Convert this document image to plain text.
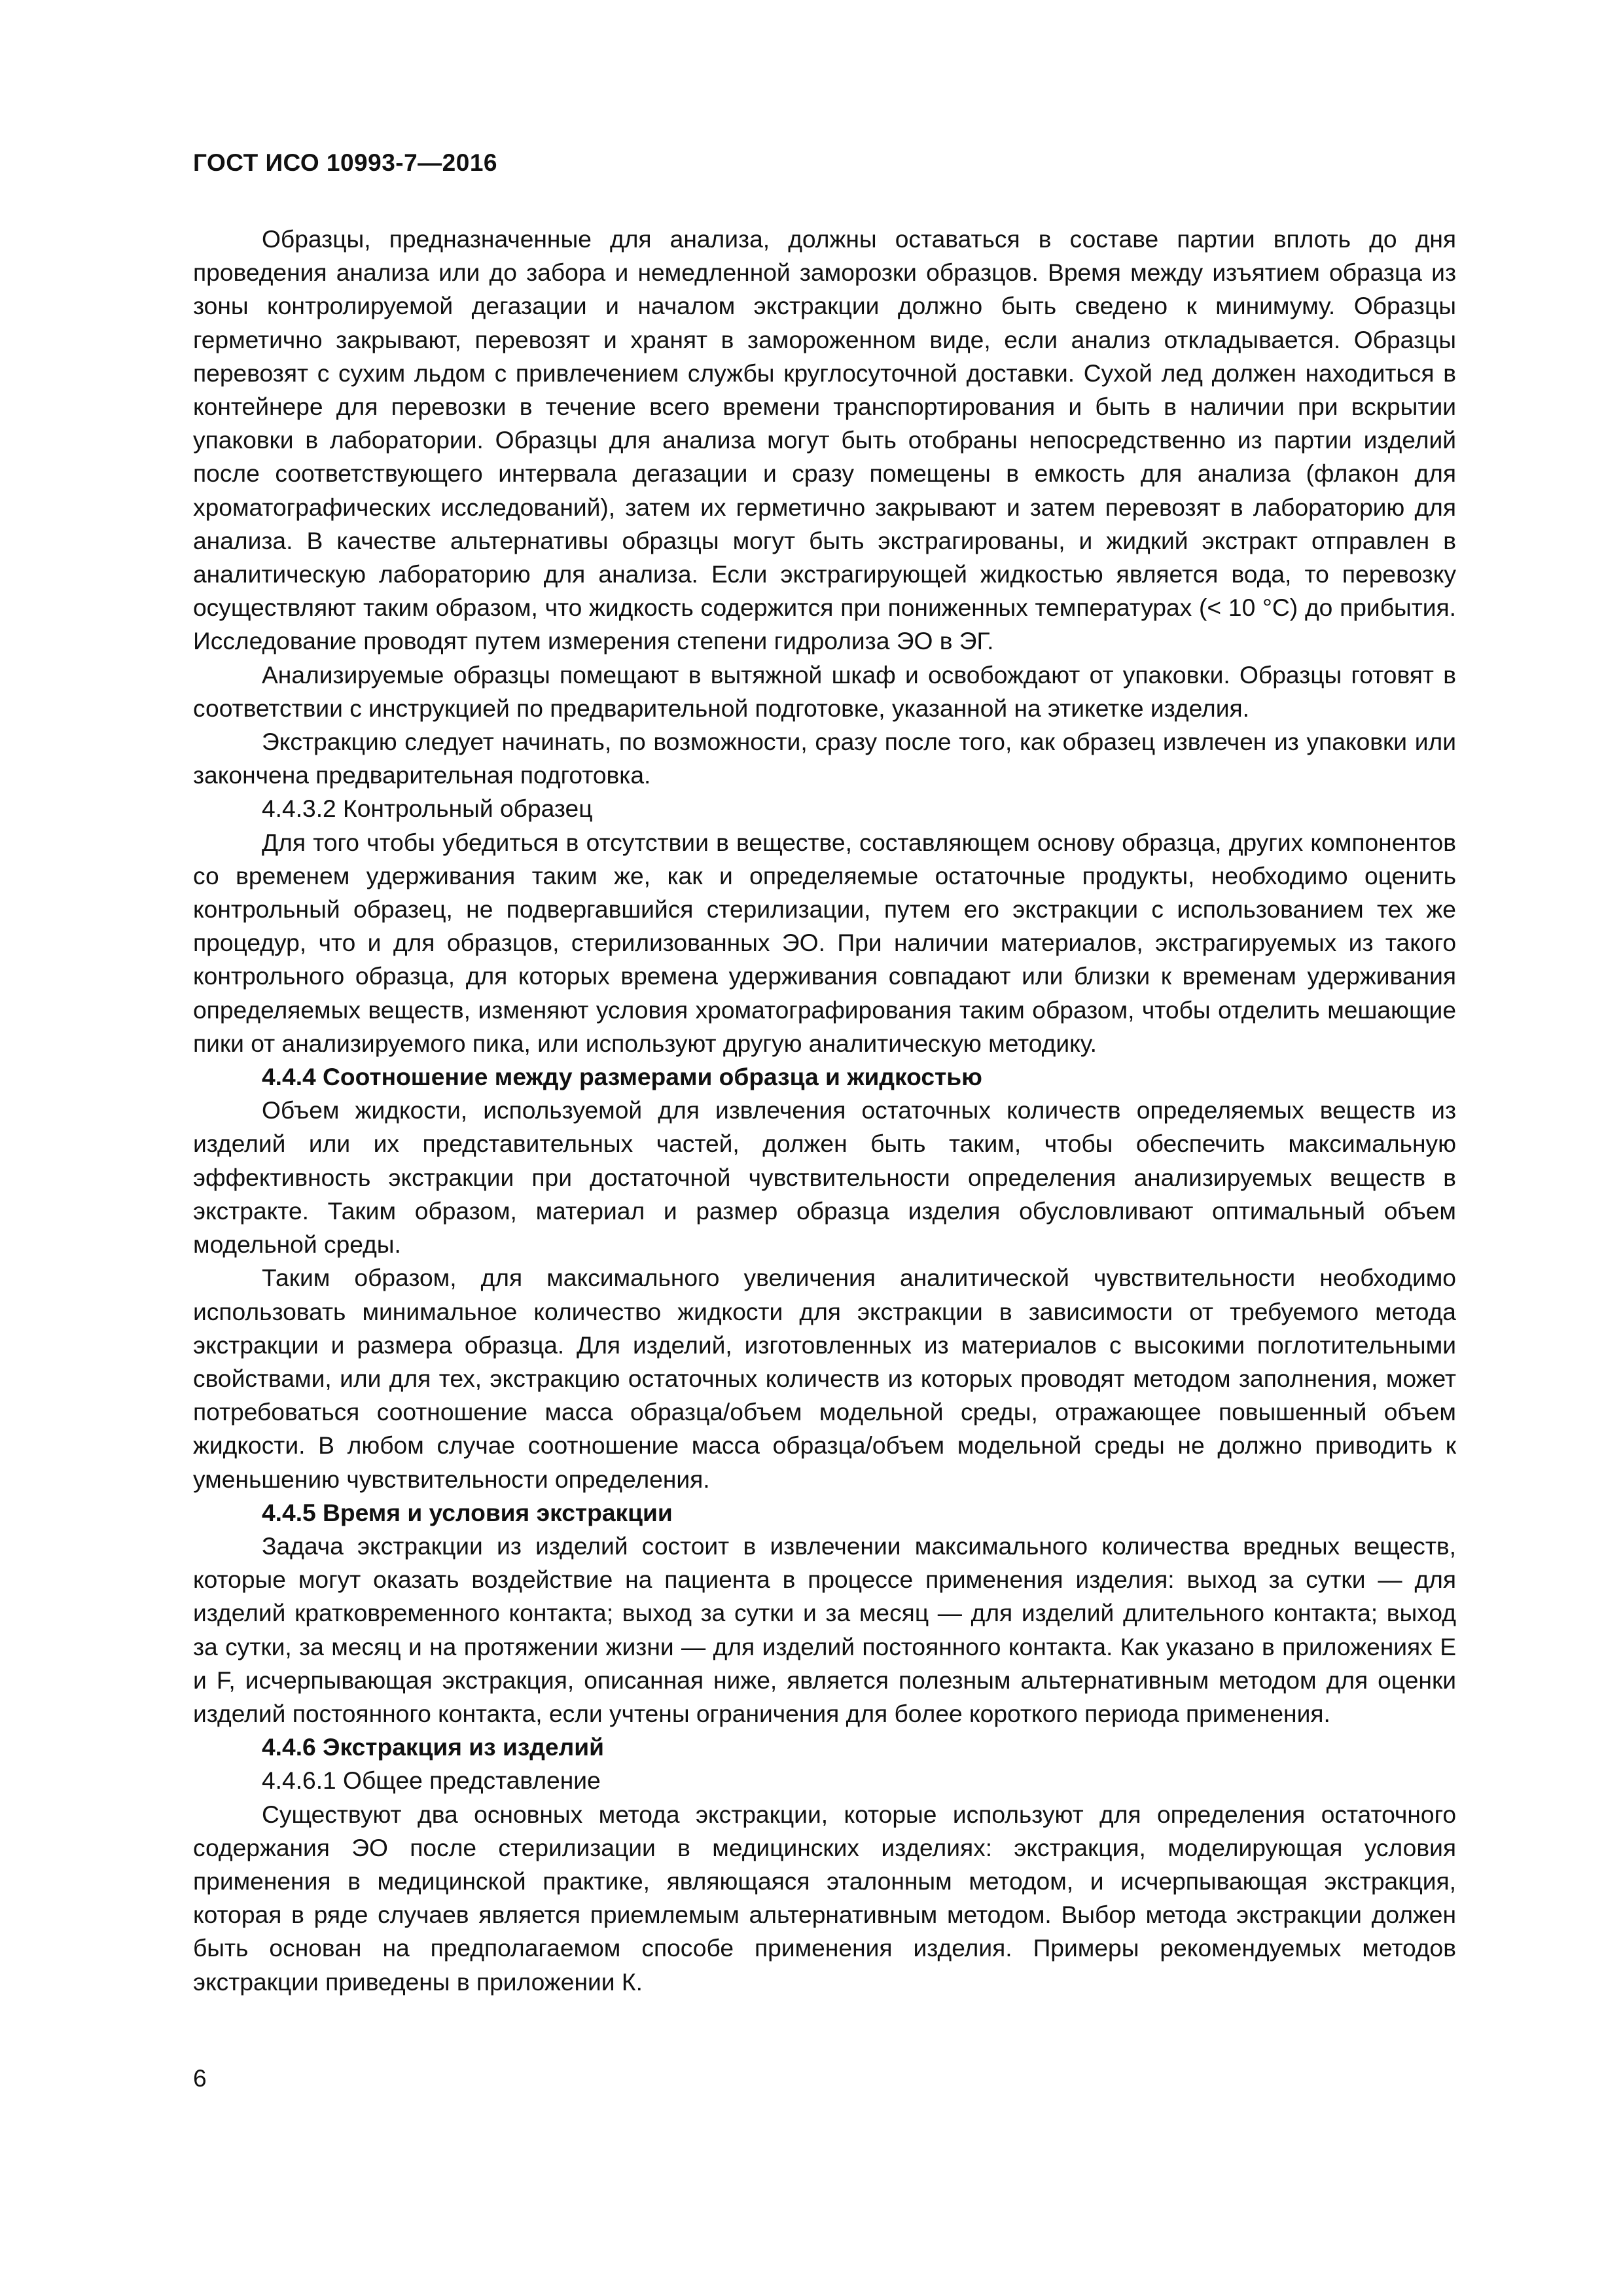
ГОСТ ИСО 10993-7—2016

Образцы, предназначенные для анализа, должны оставаться в составе партии вплоть до дня проведения анализа или до забора и немедленной заморозки образцов. Время между изъятием образца из зоны контролируемой дегазации и началом экстракции должно быть сведено к минимуму. Образцы герметично закрывают, перевозят и хранят в замороженном виде, если анализ откладывается. Образцы перевозят с сухим льдом с привлечением службы круглосуточной доставки. Сухой лед должен находиться в контейнере для перевозки в течение всего времени транспортирования и быть в наличии при вскрытии упаковки в лаборатории. Образцы для анализа могут быть отобраны непосредственно из партии изделий после соответствующего интервала дегазации и сразу помещены в емкость для анализа (флакон для хроматографических исследований), затем их герметично закрывают и затем перевозят в лабораторию для анализа. В качестве альтернативы образцы могут быть экстрагированы, и жидкий экстракт отправлен в аналитическую лабораторию для анализа. Если экстрагирующей жидкостью является вода, то перевозку осуществляют таким образом, что жидкость содержится при пониженных температурах (< 10 °С) до прибытия. Исследование проводят путем измерения степени гидролиза ЭО в ЭГ.

Анализируемые образцы помещают в вытяжной шкаф и освобождают от упаковки. Образцы готовят в соответствии с инструкцией по предварительной подготовке, указанной на этикетке изделия.

Экстракцию следует начинать, по возможности, сразу после того, как образец извлечен из упаковки или закончена предварительная подготовка.

4.4.3.2 Контрольный образец

Для того чтобы убедиться в отсутствии в веществе, составляющем основу образца, других компонентов со временем удерживания таким же, как и определяемые остаточные продукты, необходимо оценить контрольный образец, не подвергавшийся стерилизации, путем его экстракции с использованием тех же процедур, что и для образцов, стерилизованных ЭО. При наличии материалов, экстрагируемых из такого контрольного образца, для которых времена удерживания совпадают или близки к временам удерживания определяемых веществ, изменяют условия хроматографирования таким образом, чтобы отделить мешающие пики от анализируемого пика, или используют другую аналитическую методику.

4.4.4 Соотношение между размерами образца и жидкостью

Объем жидкости, используемой для извлечения остаточных количеств определяемых веществ из изделий или их представительных частей, должен быть таким, чтобы обеспечить максимальную эффективность экстракции при достаточной чувствительности определения анализируемых веществ в экстракте. Таким образом, материал и размер образца изделия обусловливают оптимальный объем модельной среды.

Таким образом, для максимального увеличения аналитической чувствительности необходимо использовать минимальное количество жидкости для экстракции в зависимости от требуемого метода экстракции и размера образца. Для изделий, изготовленных из материалов с высокими поглотительными свойствами, или для тех, экстракцию остаточных количеств из которых проводят методом заполнения, может потребоваться соотношение масса образца/объем модельной среды, отражающее повышенный объем жидкости. В любом случае соотношение масса образца/объем модельной среды не должно приводить к уменьшению чувствительности определения.

4.4.5 Время и условия экстракции

Задача экстракции из изделий состоит в извлечении максимального количества вредных веществ, которые могут оказать воздействие на пациента в процессе применения изделия: выход за сутки — для изделий кратковременного контакта; выход за сутки и за месяц — для изделий длительного контакта; выход за сутки, за месяц и на протяжении жизни — для изделий постоянного контакта. Как указано в приложениях Е и F, исчерпывающая экстракция, описанная ниже, является полезным альтернативным методом для оценки изделий постоянного контакта, если учтены ограничения для более короткого периода применения.

4.4.6 Экстракция из изделий

4.4.6.1 Общее представление

Существуют два основных метода экстракции, которые используют для определения остаточного содержания ЭО после стерилизации в медицинских изделиях: экстракция, моделирующая условия применения в медицинской практике, являющаяся эталонным методом, и исчерпывающая экстракция, которая в ряде случаев является приемлемым альтернативным методом. Выбор метода экстракции должен быть основан на предполагаемом способе применения изделия. Примеры рекомендуемых методов экстракции приведены в приложении К.

6
